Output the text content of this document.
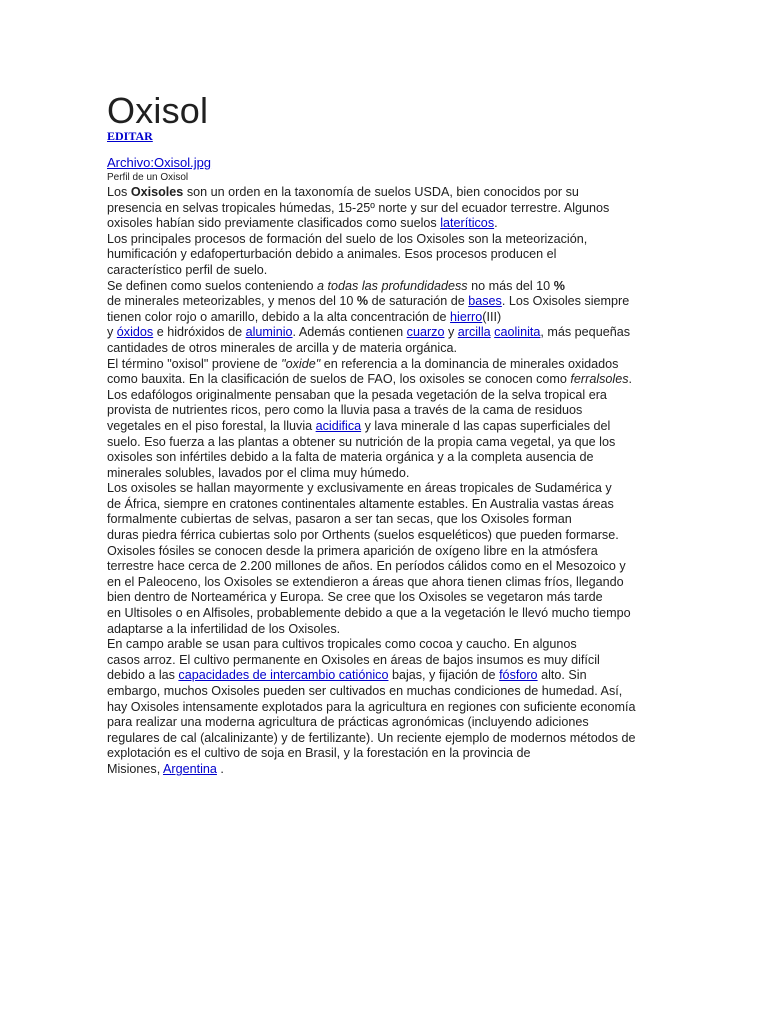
Oxisol
EDITAR
Archivo:Oxisol.jpg
Perfil de un Oxisol
Los Oxisoles son un orden en la taxonomía de suelos USDA, bien conocidos por su
presencia en selvas tropicales húmedas, 15-25º norte y sur del ecuador terrestre. Algunos
oxisoles habían sido previamente clasificados como suelos lateríticos.
Los principales procesos de formación del suelo de los Oxisoles son la meteorización,
humificación y edafoperturbación debido a animales. Esos procesos producen el
característico perfil de suelo.
Se definen como suelos conteniendo a todas las profundidadess no más del 10 %
de minerales meteorizables, y menos del 10 % de saturación de bases. Los Oxisoles siempre
tienen color rojo o amarillo, debido a la alta concentración de hierro(III)
y óxidos e hidróxidos de aluminio. Además contienen cuarzo y arcilla caolinita, más pequeñas
cantidades de otros minerales de arcilla y de materia orgánica.
El término "oxisol" proviene de "oxide" en referencia a la dominancia de minerales oxidados
como bauxita. En la clasificación de suelos de FAO, los oxisoles se conocen como ferralsoles.
Los edafólogos originalmente pensaban que la pesada vegetación de la selva tropical era
provista de nutrientes ricos, pero como la lluvia pasa a través de la cama de residuos
vegetales en el piso forestal, la lluvia acidifica y lava minerale d las capas superficiales del
suelo. Eso fuerza a las plantas a obtener su nutrición de la propia cama vegetal, ya que los
oxisoles son infértiles debido a la falta de materia orgánica y a la completa ausencia de
minerales solubles, lavados por el clima muy húmedo.
Los oxisoles se hallan mayormente y exclusivamente en áreas tropicales de Sudamérica y
de África, siempre en cratones continentales altamente estables. En Australia vastas áreas
formalmente cubiertas de selvas, pasaron a ser tan secas, que los Oxisoles forman
duras piedra férrica cubiertas solo por Orthents (suelos esqueléticos) que pueden formarse.
Oxisoles fósiles se conocen desde la primera aparición de oxígeno libre en la atmósfera
terrestre hace cerca de 2.200 millones de años. En períodos cálidos como en el Mesozoico y
en el Paleoceno, los Oxisoles se extendieron a áreas que ahora tienen climas fríos, llegando
bien dentro de Norteamérica y Europa. Se cree que los Oxisoles se vegetaron más tarde
en Ultisoles o en Alfisoles, probablemente debido a que a la vegetación le llevó mucho tiempo
adaptarse a la infertilidad de los Oxisoles.
En campo arable se usan para cultivos tropicales como cocoa y caucho. En algunos
casos arroz. El cultivo permanente en Oxisoles en áreas de bajos insumos es muy difícil
debido a las capacidades de intercambio catiónico bajas, y fijación de fósforo alto. Sin
embargo, muchos Oxisoles pueden ser cultivados en muchas condiciones de humedad. Así,
hay Oxisoles intensamente explotados para la agricultura en regiones con suficiente economía
para realizar una moderna agricultura de prácticas agronómicas (incluyendo adiciones
regulares de cal (alcalinizante) y de fertilizante). Un reciente ejemplo de modernos métodos de
explotación es el cultivo de soja en Brasil, y la forestación en la provincia de
Misiones, Argentina .
